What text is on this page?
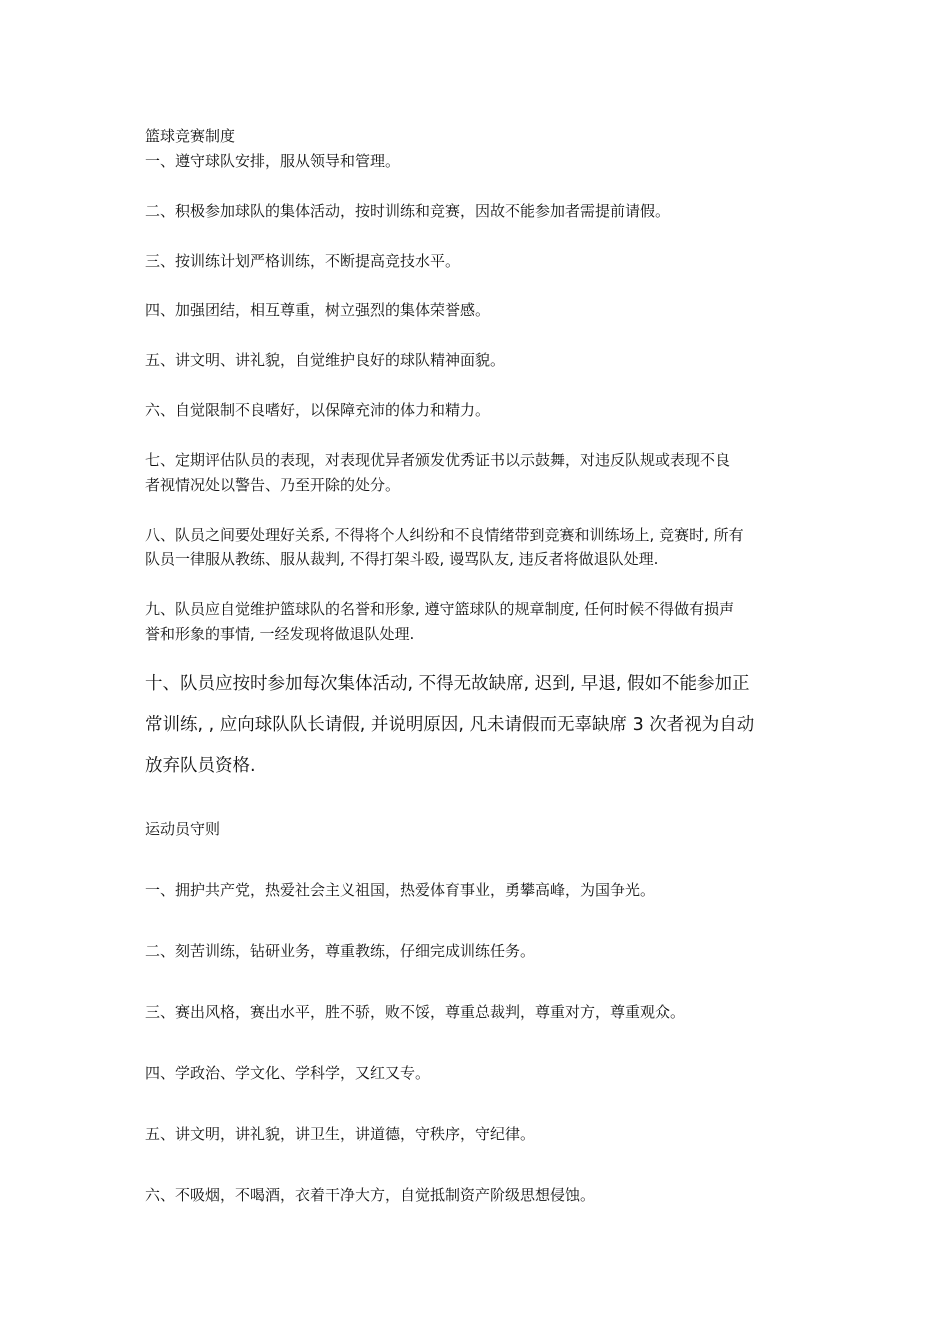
篮球竞赛制度
一、遵守球队安排，服从领导和管理。
二、积极参加球队的集体活动，按时训练和竞赛，因故不能参加者需提前请假。
三、按训练计划严格训练，不断提高竞技水平。
四、加强团结，相互尊重，树立强烈的集体荣誉感。
五、讲文明、讲礼貌，自觉维护良好的球队精神面貌。
六、自觉限制不良嗜好，以保障充沛的体力和精力。
七、定期评估队员的表现，对表现优异者颁发优秀证书以示鼓舞，对违反队规或表现不良
者视情况处以警告、乃至开除的处分。
八、队员之间要处理好关系, 不得将个人纠纷和不良情绪带到竞赛和训练场上, 竞赛时, 所有
队员一律服从教练、服从裁判, 不得打架斗殴, 谩骂队友, 违反者将做退队处理.
九、队员应自觉维护篮球队的名誉和形象, 遵守篮球队的规章制度, 任何时候不得做有损声
誉和形象的事情, 一经发现将做退队处理.
十、队员应按时参加每次集体活动, 不得无故缺席, 迟到, 早退, 假如不能参加正
常训练, , 应向球队队长请假, 并说明原因, 凡未请假而无辜缺席 3 次者视为自动
放弃队员资格.
运动员守则
一、拥护共产党，热爱社会主义祖国，热爱体育事业，勇攀高峰，为国争光。
二、刻苦训练，钻研业务，尊重教练，仔细完成训练任务。
三、赛出风格，赛出水平，胜不骄，败不馁，尊重总裁判，尊重对方，尊重观众。
四、学政治、学文化、学科学，又红又专。
五、讲文明，讲礼貌，讲卫生，讲道德，守秩序，守纪律。
六、不吸烟，不喝酒，衣着干净大方，自觉抵制资产阶级思想侵蚀。
